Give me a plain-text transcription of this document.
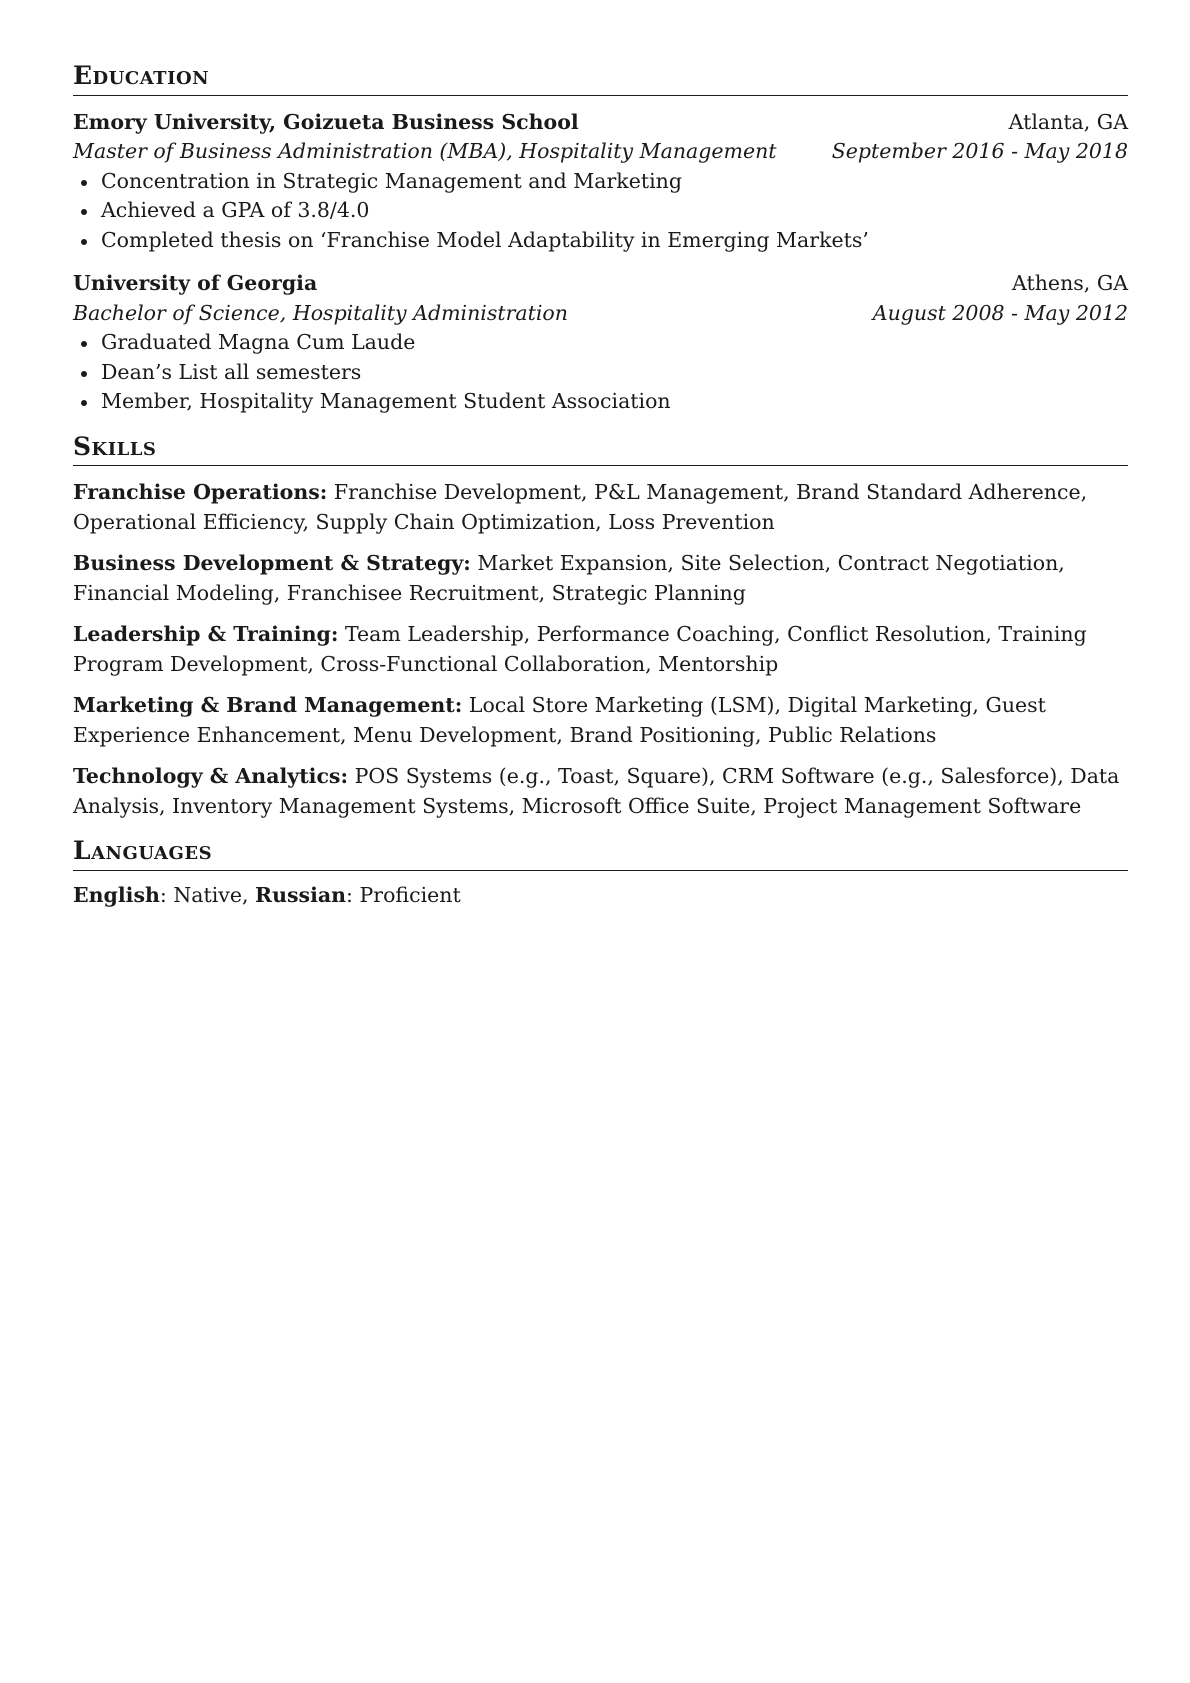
Education
Emory University, Goizueta Business School	Atlanta, GA
Master of Business Administration (MBA), Hospitality Management	September 2016 - May 2018
Concentration in Strategic Management and Marketing
Achieved a GPA of 3.8/4.0
Completed thesis on ‘Franchise Model Adaptability in Emerging Markets’
University of Georgia	Athens, GA
Bachelor of Science, Hospitality Administration	August 2008 - May 2012
Graduated Magna Cum Laude
Dean’s List all semesters
Member, Hospitality Management Student Association
Skills
Franchise Operations: Franchise Development, P&L Management, Brand Standard Adherence, Operational Efficiency, Supply Chain Optimization, Loss Prevention
Business Development & Strategy: Market Expansion, Site Selection, Contract Negotiation, Financial Modeling, Franchisee Recruitment, Strategic Planning
Leadership & Training: Team Leadership, Performance Coaching, Conflict Resolution, Training Program Development, Cross-Functional Collaboration, Mentorship
Marketing & Brand Management: Local Store Marketing (LSM), Digital Marketing, Guest Experience Enhancement, Menu Development, Brand Positioning, Public Relations
Technology & Analytics: POS Systems (e.g., Toast, Square), CRM Software (e.g., Salesforce), Data Analysis, Inventory Management Systems, Microsoft Office Suite, Project Management Software
Languages
English: Native, Russian: Proficient
